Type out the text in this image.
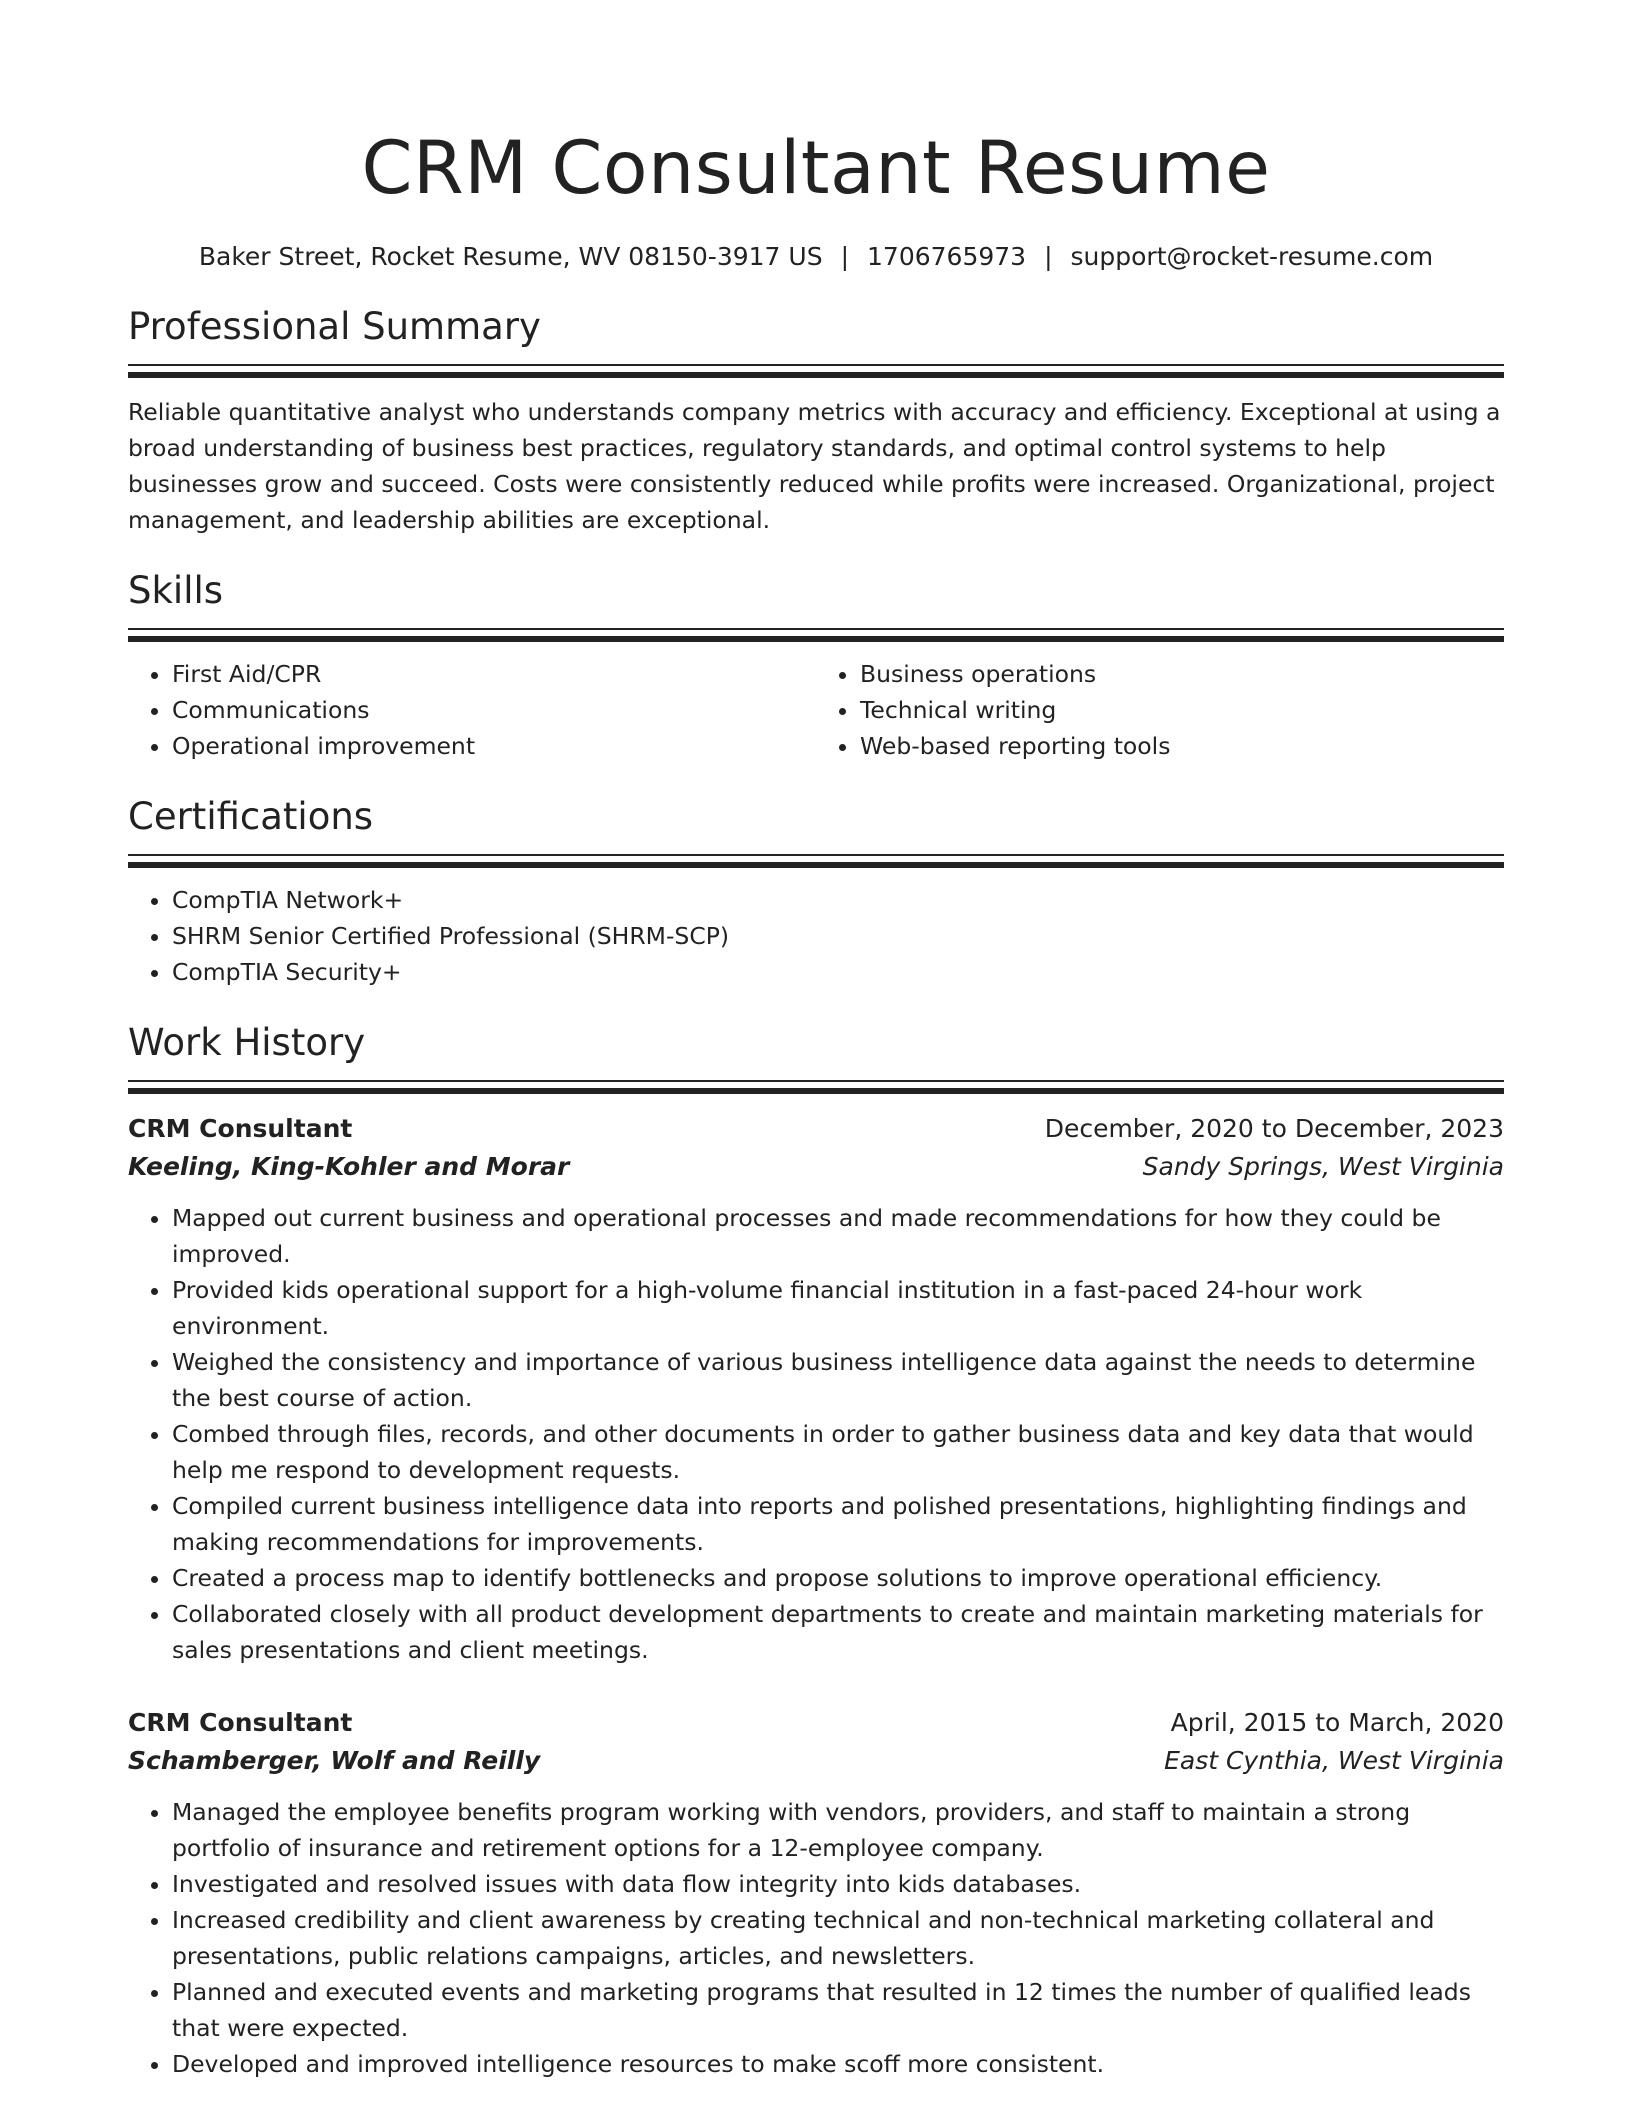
CRM Consultant Resume
Baker Street, Rocket Resume, WV 08150-3917 US | 1706765973 | support@rocket-resume.com
Professional Summary
Reliable quantitative analyst who understands company metrics with accuracy and efficiency. Exceptional at using a broad understanding of business best practices, regulatory standards, and optimal control systems to help businesses grow and succeed. Costs were consistently reduced while profits were increased. Organizational, project management, and leadership abilities are exceptional.
Skills
• First Aid/CPR
• Communications
• Operational improvement
• Business operations
• Technical writing
• Web-based reporting tools
Certifications
• CompTIA Network+
• SHRM Senior Certified Professional (SHRM-SCP)
• CompTIA Security+
Work History
CRM Consultant	December, 2020 to December, 2023
Keeling, King-Kohler and Morar	Sandy Springs, West Virginia
• Mapped out current business and operational processes and made recommendations for how they could be improved.
• Provided kids operational support for a high-volume financial institution in a fast-paced 24-hour work environment.
• Weighed the consistency and importance of various business intelligence data against the needs to determine the best course of action.
• Combed through files, records, and other documents in order to gather business data and key data that would help me respond to development requests.
• Compiled current business intelligence data into reports and polished presentations, highlighting findings and making recommendations for improvements.
• Created a process map to identify bottlenecks and propose solutions to improve operational efficiency.
• Collaborated closely with all product development departments to create and maintain marketing materials for sales presentations and client meetings.
CRM Consultant	April, 2015 to March, 2020
Schamberger, Wolf and Reilly	East Cynthia, West Virginia
• Managed the employee benefits program working with vendors, providers, and staff to maintain a strong portfolio of insurance and retirement options for a 12-employee company.
• Investigated and resolved issues with data flow integrity into kids databases.
• Increased credibility and client awareness by creating technical and non-technical marketing collateral and presentations, public relations campaigns, articles, and newsletters.
• Planned and executed events and marketing programs that resulted in 12 times the number of qualified leads that were expected.
• Developed and improved intelligence resources to make scoff more consistent.
